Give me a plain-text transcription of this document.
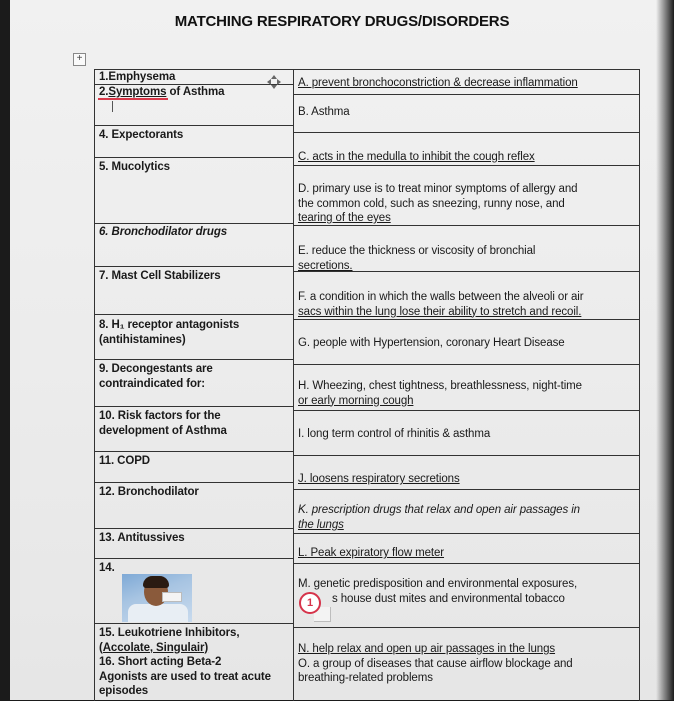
MATCHING RESPIRATORY DRUGS/DISORDERS
+
1.Emphysema
2.Symptoms of Asthma
4. Expectorants
5. Mucolytics
6. Bronchodilator drugs
7. Mast Cell Stabilizers
8. H₁ receptor antagonists
(antihistamines)
9. Decongestants are
contraindicated for:
10. Risk factors for the
development of Asthma
11. COPD
12. Bronchodilator
13. Antitussives
14.
15. Leukotriene Inhibitors,
(Accolate, Singulair)
16. Short acting Beta-2
Agonists are used to treat acute
episodes
A. prevent bronchoconstriction & decrease inflammation
B. Asthma
C. acts in the medulla to inhibit the cough reflex
D. primary use is to treat minor symptoms of allergy and
the common cold, such as sneezing, runny nose, and
tearing of the eyes
E. reduce the thickness or viscosity of bronchial
secretions.
F. a condition in which the walls between the alveoli or air
sacs within the lung lose their ability to stretch and recoil.
G. people with Hypertension, coronary Heart Disease
H. Wheezing, chest tightness, breathlessness, night-time
or early morning cough
I. long term control of rhinitis & asthma
J. loosens respiratory secretions
K. prescription drugs that relax and open air passages in
the lungs
L. Peak expiratory flow meter
M. genetic predisposition and environmental exposures,
s house dust mites and environmental tobacco
N. help relax and open up air passages in the lungs
O. a group of diseases that cause airflow blockage and
breathing-related problems
1
